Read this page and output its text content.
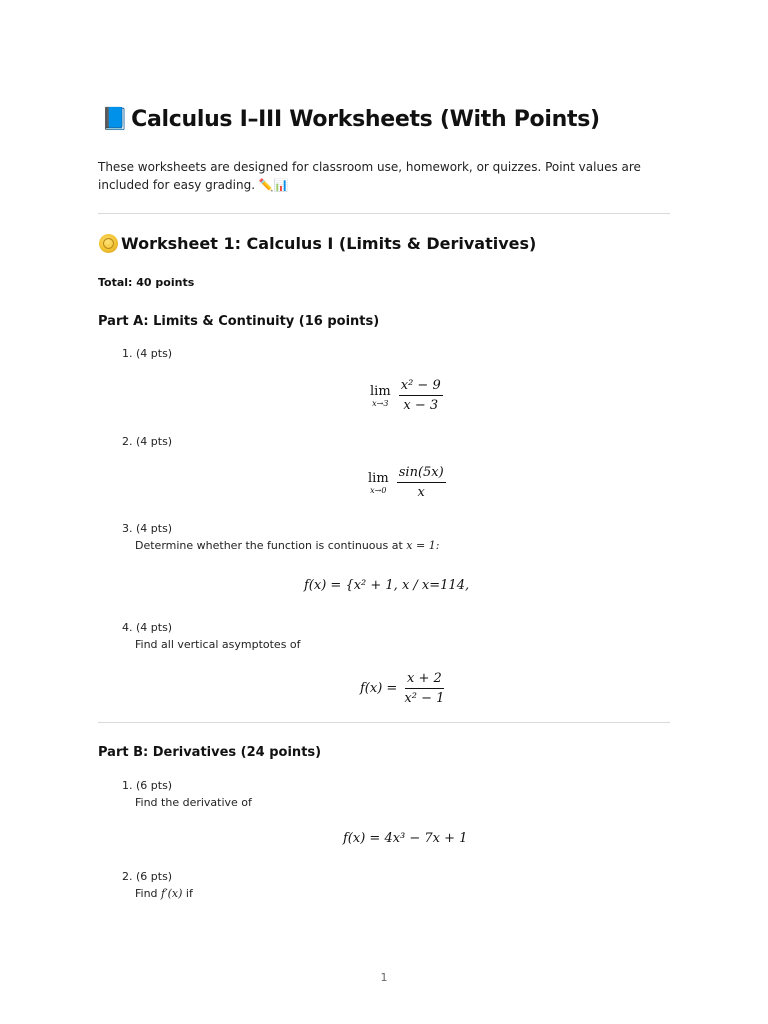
📘 Calculus I–III Worksheets (With Points)

These worksheets are designed for classroom use, homework, or quizzes. Point values are included for easy grading. ✏️📊

Worksheet 1: Calculus I (Limits & Derivatives)

Total: 40 points

Part A: Limits & Continuity (16 points)

1. (4 pts)

lim
x→3
$\frac{\text{x² − 9}}{x - 3}$

2. (4 pts)

lim
x→0
$\frac{\sin(5x)}{x}$

3. (4 pts)

Determine whether the function is continuous at x = 1:

f(x) = {x² + 1, x / x=114,

4. (4 pts)

Find all vertical asymptotes of

$f(x) = \frac{x + 2}{\text{x² − 1}}$
Part B: Derivatives (24 points)

1. (6 pts)

Find the derivative of

f(x) = 4x³ − 7x + 1

2. (6 pts)

Find f′(x) if

1
